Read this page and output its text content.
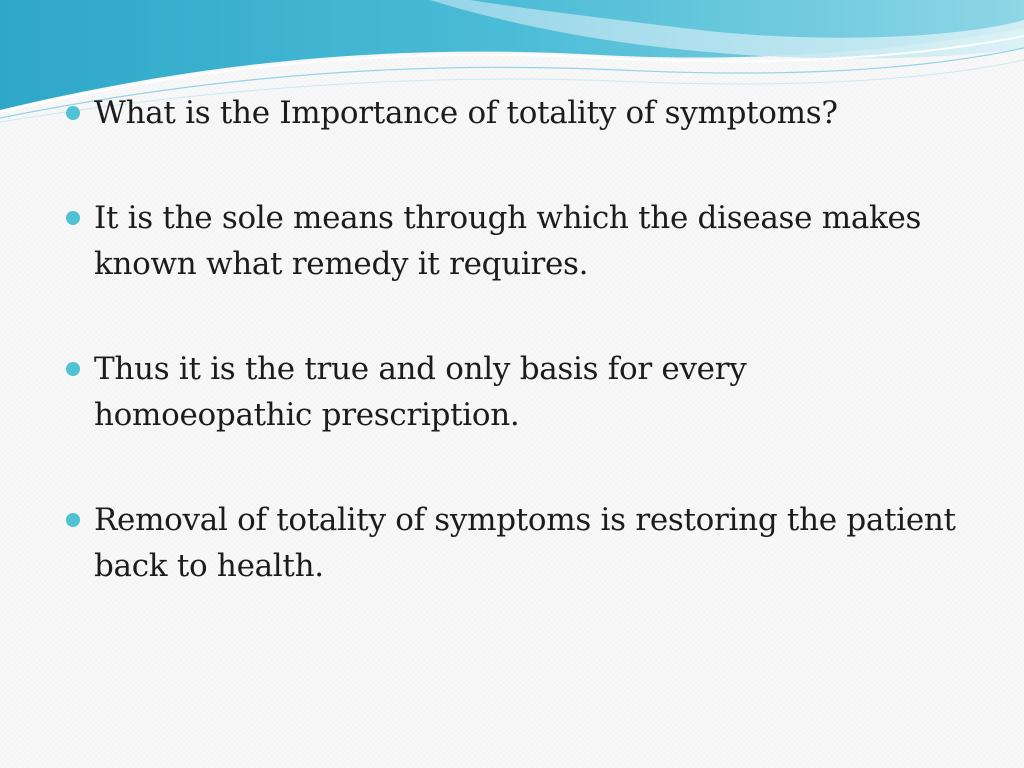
What is the Importance of totality of symptoms?
It is the sole means through which the disease makes known what remedy it requires.
Thus it is the true and only basis for every homoeopathic prescription.
Removal of totality of symptoms is restoring the patient back to health.
